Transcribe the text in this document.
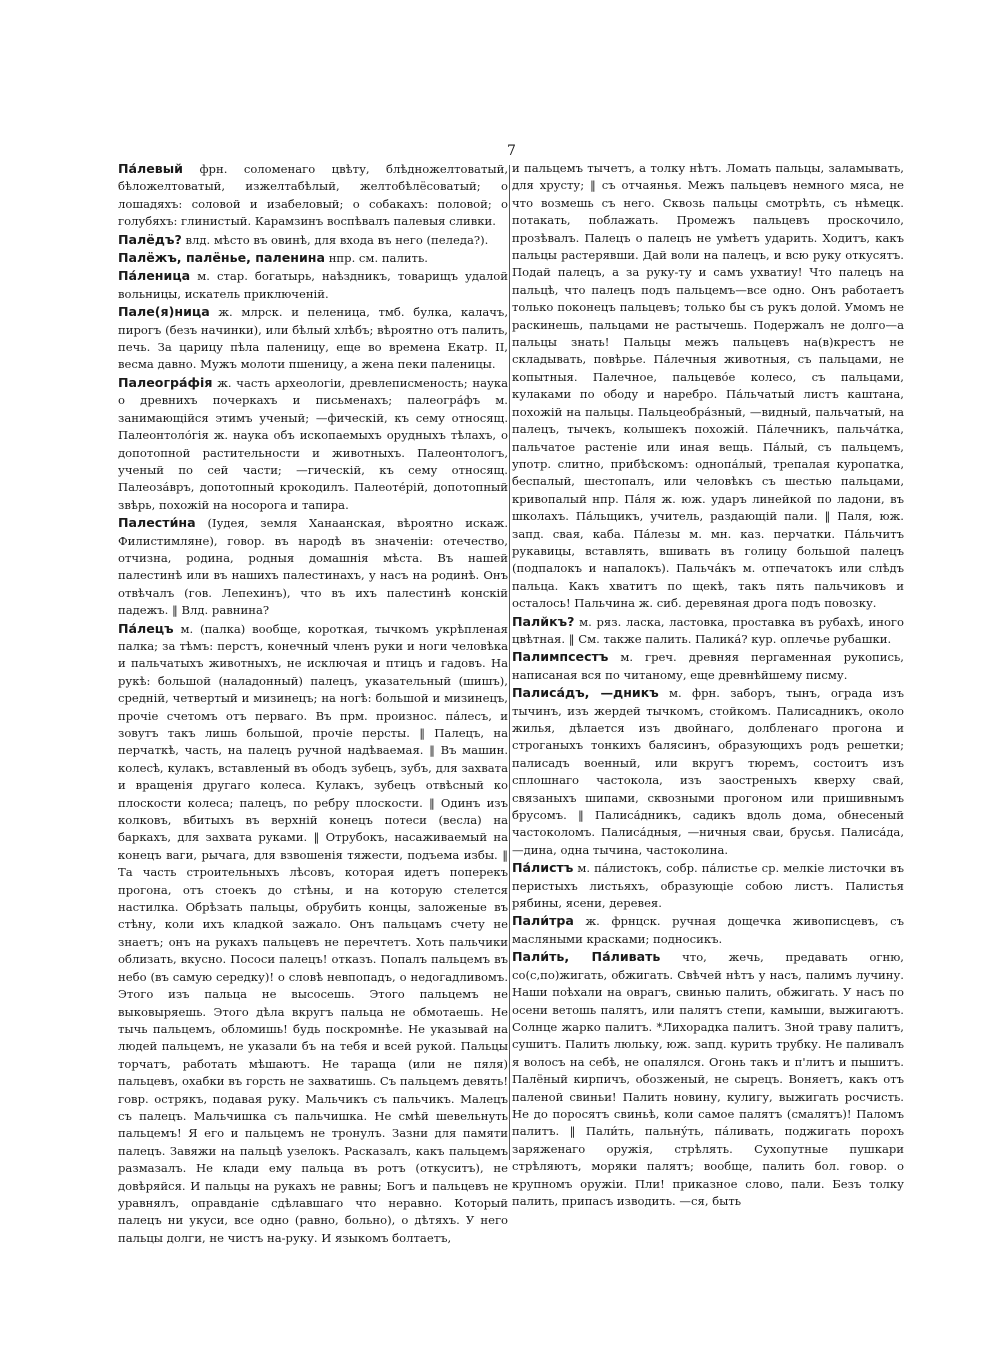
7

Па́левый фрн. соломенаго цвѣту, блѣдножелтоватый, бѣложелтоватый, изжелтабѣлый, желтобѣлёсоватый; о лошадяхъ: соловой и изабеловый; о собакахъ: половой; о голубяхъ: глинистый. Карамзинъ воспѣвалъ палевыя сливки.

Палёдъ? влд. мѣсто въ овинѣ, для входа въ него (пеледа?).

Палёжъ, палёнье, паленина нпр. см. палить.

Па́леница м. стар. богатырь, наѣздникъ, товарищъ удалой вольницы, искатель приключеній.

Пале(я)ница ж. млрск. и пеленица, тмб. булка, калачъ, пирогъ (безъ начинки), или бѣлый хлѣбъ; вѣроятно отъ палить, печь. За царицу пѣла паленицу, еще во времена Екатр. II, весма давно. Мужъ молоти пшеницу, а жена пеки паленицы.

Палеогра́фія ж. часть археологіи, древлеписменость; наука о древнихъ почеркахъ и письменахъ; палеогра́фъ м. занимающійся этимъ ученый; —фическій, къ сему относящ. Палеонтоло́гія ж. наука объ ископаемыхъ орудныхъ тѣлахъ, о допотопной растительности и животныхъ. Палеонтологъ, ученый по сей части; —гическій, къ сему относящ. Палеоза́връ, допотопный крокодилъ. Палеоте́рій, допотопный звѣрь, похожій на носорога и тапира.

Палести́на (Іудея, земля Ханаанская, вѣроятно искаж. Филистимляне), говор. въ народѣ въ значеніи: отечество, отчизна, родина, родныя домашнія мѣста. Въ нашей палестинѣ или въ нашихъ палестинахъ, у насъ на родинѣ. Онъ отвѣчалъ (гов. Лепехинъ), что въ ихъ палестинѣ конскій падежъ. ‖ Влд. равнина?

Па́лецъ м. (палка) вообще, короткая, тычкомъ укрѣпленая палка; за тѣмъ: перстъ, конечный членъ руки и ноги человѣка и пальчатыхъ животныхъ, не исключая и птицъ и гадовъ. На рукѣ: большой (наладонный) палецъ, указательный (шишъ), средній, четвертый и мизинецъ; на ногѣ: большой и мизинецъ, прочіе счетомъ отъ перваго. Въ прм. произнос. пáлесъ, и зовутъ такъ лишь большой, прочіе персты. ‖ Палецъ, на перчаткѣ, часть, на палецъ ручной надѣваемая. ‖ Въ машин. колесѣ, кулакъ, вставленый въ ободъ зубецъ, зубъ, для захвата и вращенія другаго колеса. Кулакъ, зубецъ отвѣсный ко плоскости колеса; палецъ, по ребру плоскости. ‖ Одинъ изъ колковъ, вбитыхъ въ верхній конецъ потеси (весла) на баркахъ, для захвата руками. ‖ Отрубокъ, насаживаемый на конецъ ваги, рычага, для взвошенія тяжести, подъема избы. ‖ Та часть строительныхъ лѣсовъ, которая идетъ поперекъ прогона, отъ стоекъ до стѣны, и на которую стелется настилка. Обрѣзать пальцы, обрубить концы, заложеные въ стѣну, коли ихъ кладкой зажало. Онъ пальцамъ счету не знаетъ; онъ на рукахъ пальцевъ не перечтетъ. Хоть пальчики облизать, вкусно. Пососи палецъ! отказъ. Попалъ пальцемъ въ небо (въ самую середку)! о словѣ невпопадъ, о недогадливомъ. Этого изъ пальца не высосешь. Этого пальцемъ не выковыряешь. Этого дѣла вкругъ пальца не обмотаешь. Не тычь пальцемъ, обломишь! будь поскромнѣе. Не указывай на людей пальцемъ, не указали бъ на тебя и всей рукой. Пальцы торчатъ, работать мѣшаютъ. Не тараща (или не пяля) пальцевъ, охабки въ горсть не захватишь. Съ пальцемъ девять! говр. острякъ, подавая руку. Мальчикъ съ пальчикъ. Малецъ съ палецъ. Мальчишка съ пальчишка. Не смѣй шевельнуть пальцемъ! Я его и пальцемъ не тронулъ. Зазни для памяти палецъ. Завяжи на пальцѣ узелокъ. Расказалъ, какъ пальцемъ размазалъ. Не клади ему пальца въ ротъ (откуситъ), не довѣряйся. И пальцы на рукахъ не равны; Богъ и пальцевъ не уравнялъ, оправданіе сдѣлавшаго что неравно. Который палецъ ни укуси, все одно (равно, больно), о дѣтяхъ. У него пальцы долги, не чистъ на-руку. И языкомъ болтаетъ,

и пальцемъ тычетъ, а толку нѣтъ. Ломать пальцы, заламывать, для хрусту; ‖ съ отчаянья. Межъ пальцевъ немного мяса, не что возмешь съ него. Сквозь пальцы смотрѣть, съ нѣмецк. потакать, поблажать. Промежъ пальцевъ проскочило, прозѣвалъ. Палецъ о палецъ не умѣетъ ударить. Ходитъ, какъ пальцы растерявши. Дай воли на палецъ, и всю руку откусятъ. Подай палецъ, а за руку-ту и самъ ухватиу! Что палецъ на пальцѣ, что палецъ подъ пальцемъ—все одно. Онъ работаетъ только поконецъ пальцевъ; только бы съ рукъ долой. Умомъ не раскинешь, пальцами не растычешь. Подержалъ не долго—а пальцы знать! Пальцы межъ пальцевъ на(в)крестъ не складывать, повѣрье. Па́лечныя животныя, съ пальцами, не копытныя. Палечное, пальцево́е колесо, съ пальцами, кулаками по ободу и наребро. Па́льчатый листъ каштана, похожій на пальцы. Пальцеобра́зный, —видный, пальчатый, на палецъ, тычекъ, колышекъ похожій. Па́лечникъ, пальча́тка, пальчатое растеніе или иная вещь. Па́лый, съ пальцемъ, употр. слитно, прибѣскомъ: однопа́лый, трепалая куропатка, беспалый, шестопалъ, или человѣкъ съ шестью пальцами, кривопалый нпр. Па́ля ж. юж. ударъ линейкой по ладони, въ школахъ. Па́льщикъ, учитель, раздающій пали. ‖ Паля, юж. запд. свая, каба. Па́лезы м. мн. каз. перчатки. Па́льчитъ рукавицы, вставлять, вшивать въ голицу большой палецъ (подпалокъ и напалокъ). Пальча́къ м. отпечатокъ или слѣдъ пальца. Какъ хватитъ по щекѣ, такъ пять пальчиковъ и осталось! Пальчина ж. сиб. деревяная дрога подъ повозку.

Палйкъ? м. ряз. ласка, ластовка, проставка въ рубахѣ, иного цвѣтная. ‖ См. также палить. Палика́? кур. оплечье рубашки.

Палимпсестъ м. греч. древняя пергаменная рукопись, написаная вся по читаному, еще древнѣйшему писму.

Палиса́дъ, —дникъ м. фрн. заборъ, тынъ, ограда изъ тычинъ, изъ жердей тычкомъ, стойкомъ. Палисадникъ, около жилья, дѣлается изъ двойнаго, долбленаго прогона и строганыхъ тонкихъ балясинъ, образующихъ родъ решетки; палисадъ военный, или вкругъ тюремъ, состоитъ изъ сплошнаго частокола, изъ заостреныхъ кверху свай, связаныхъ шипами, сквозными прогоном или пришивнымъ брусомъ. ‖ Палиса́дникъ, садикъ вдоль дома, обнесеный частоколомъ. Палиса́дныя, —ничныя сваи, брусья. Палиса́да,—дина, одна тычина, частоколина.

Па́листъ м. па́листокъ, собр. па́листье ср. мелкіе листочки въ перистыхъ листьяхъ, образующіе собою листъ. Палистья рябины, ясени, деревея.

Пали́тра ж. фрнцск. ручная дощечка живописцевъ, съ масляными красками; подносикъ.

Пали́ть, Па́ливать что, жечь, предавать огню, со(с,по)жигать, обжигать. Свѣчей нѣтъ у насъ, палимъ лучину. Наши поѣхали на оврагъ, свинью палить, обжигать. У насъ по осени ветошь палятъ, или палятъ степи, камыши, выжигаютъ. Солнце жарко палитъ. *Лихорадка палитъ. Зной траву палитъ, сушитъ. Палить люльку, юж. запд. курить трубку. Не паливалъ я волосъ на себѣ, не опалялся. Огонь такъ и п'литъ и пышитъ. Палёный кирпичъ, обозженый, не сырецъ. Воняетъ, какъ отъ паленой свиньи! Палить новину, кулигу, выжигать росчисть. Не до поросятъ свиньѣ, коли самое палятъ (смалятъ)! Паломъ палитъ. ‖ Пали́ть, пальну́ть, па́ливать, поджигать порохъ заряженаго оружія, стрѣлять. Сухопутные пушкари стрѣляютъ, моряки палятъ; вообще, палить бол. говор. о крупномъ оружіи. Пли! приказное слово, пали. Безъ толку палить, припасъ изводить. —ся, быть
